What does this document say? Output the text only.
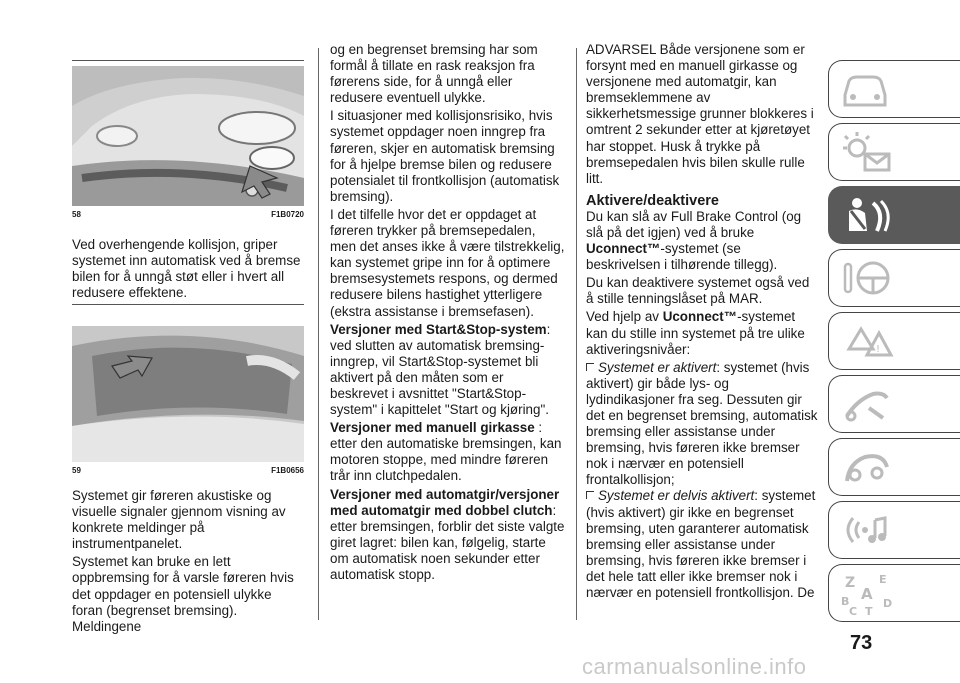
58	F1B0720

Ved overhengende kollisjon, griper systemet inn automatisk ved å bremse bilen for å unngå støt eller i hvert all redusere effektene.

59	F1B0656

Systemet gir føreren akustiske og visuelle signaler gjennom visning av konkrete meldinger på instrumentpanelet.

Systemet kan bruke en lett oppbremsing for å varsle føreren hvis det oppdager en potensiell ulykke foran (begrenset bremsing). Meldingene

og en begrenset bremsing har som formål å tillate en rask reaksjon fra førerens side, for å unngå eller redusere eventuell ulykke.

I situasjoner med kollisjonsrisiko, hvis systemet oppdager noen inngrep fra føreren, skjer en automatisk bremsing for å hjelpe bremse bilen og redusere potensialet til frontkollisjon (automatisk bremsing).

I det tilfelle hvor det er oppdaget at føreren trykker på bremsepedalen, men det anses ikke å være tilstrekkelig, kan systemet gripe inn for å optimere bremsesystemets respons, og dermed redusere bilens hastighet ytterligere (ekstra assistanse i bremsefasen).

Versjoner med Start&Stop-system:
ved slutten av automatisk bremsing-inngrep, vil Start&Stop-systemet bli aktivert på den måten som er beskrevet i avsnittet "Start&Stop-system" i kapittelet "Start og kjøring".

Versjoner med manuell girkasse :
etter den automatiske bremsingen, kan motoren stoppe, med mindre føreren trår inn clutchpedalen.

Versjoner med automatgir/versjoner med automatgir med dobbel clutch: etter bremsingen, forblir det siste valgte giret lagret: bilen kan, følgelig, starte om automatisk noen sekunder etter automatisk stopp.

ADVARSEL Både versjonene som er forsynt med en manuell girkasse og versjonene med automatgir, kan bremseklemmene av sikkerhetsmessige grunner blokkeres i omtrent 2 sekunder etter at kjøretøyet har stoppet. Husk å trykke på bremsepedalen hvis bilen skulle rulle litt.

Aktivere/deaktivere

Du kan slå av Full Brake Control (og slå på det igjen) ved å bruke Uconnect™-systemet (se beskrivelsen i tilhørende tillegg).

Du kan deaktivere systemet også ved å stille tenningslåset på MAR.

Ved hjelp av Uconnect™-systemet kan du stille inn systemet på tre ulike aktiveringsnivåer:

Systemet er aktivert: systemet (hvis aktivert) gir både lys- og lydindikasjoner fra seg. Dessuten gir det en begrenset bremsing, automatisk bremsing eller assistanse under bremsing, hvis føreren ikke bremser nok i nærvær en potensiell frontalkollisjon;

Systemet er delvis aktivert: systemet (hvis aktivert) gir ikke en begrenset bremsing, uten garanterer automatisk bremsing eller assistanse under bremsing, hvis føreren ikke bremser i det hele tatt eller ikke bremser nok i nærvær en potensiell frontkollisjon. De

!
Z E
A
B
C T
D
73
carmanualsonline.info
